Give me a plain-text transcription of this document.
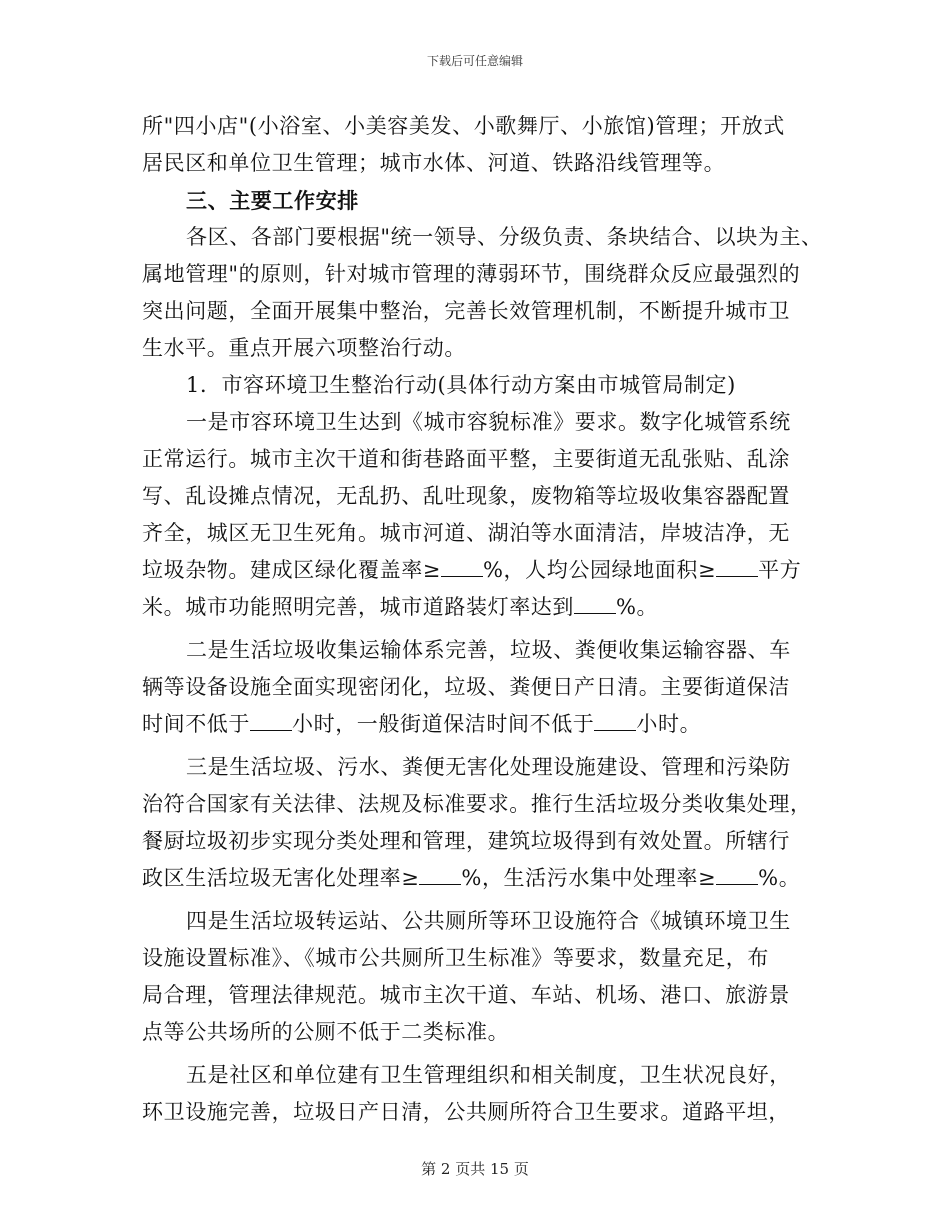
下载后可任意编辑
所"四小店"(小浴室、小美容美发、小歌舞厅、小旅馆)管理；开放式
居民区和单位卫生管理；城市水体、河道、铁路沿线管理等。
三、主要工作安排
各区、各部门要根据"统一领导、分级负责、条块结合、以块为主、
属地管理"的原则，针对城市管理的薄弱环节，围绕群众反应最强烈的
突出问题，全面开展集中整治，完善长效管理机制，不断提升城市卫
生水平。重点开展六项整治行动。
1．市容环境卫生整治行动(具体行动方案由市城管局制定)
一是市容环境卫生达到《城市容貌标准》要求。数字化城管系统
正常运行。城市主次干道和街巷路面平整，主要街道无乱张贴、乱涂
写、乱设摊点情况，无乱扔、乱吐现象，废物箱等垃圾收集容器配置
齐全，城区无卫生死角。城市河道、湖泊等水面清洁，岸坡洁净，无
垃圾杂物。建成区绿化覆盖率≥ %，人均公园绿地面积≥ 平方
米。城市功能照明完善，城市道路装灯率达到 %。
二是生活垃圾收集运输体系完善，垃圾、粪便收集运输容器、车
辆等设备设施全面实现密闭化，垃圾、粪便日产日清。主要街道保洁
时间不低于 小时，一般街道保洁时间不低于 小时。
三是生活垃圾、污水、粪便无害化处理设施建设、管理和污染防
治符合国家有关法律、法规及标准要求。推行生活垃圾分类收集处理，
餐厨垃圾初步实现分类处理和管理，建筑垃圾得到有效处置。所辖行
政区生活垃圾无害化处理率≥ %，生活污水集中处理率≥ %。
四是生活垃圾转运站、公共厕所等环卫设施符合《城镇环境卫生
设施设置标准》、《城市公共厕所卫生标准》等要求，数量充足，布
局合理，管理法律规范。城市主次干道、车站、机场、港口、旅游景
点等公共场所的公厕不低于二类标准。
五是社区和单位建有卫生管理组织和相关制度，卫生状况良好，
环卫设施完善，垃圾日产日清，公共厕所符合卫生要求。道路平坦，
第 2 页共 15 页
